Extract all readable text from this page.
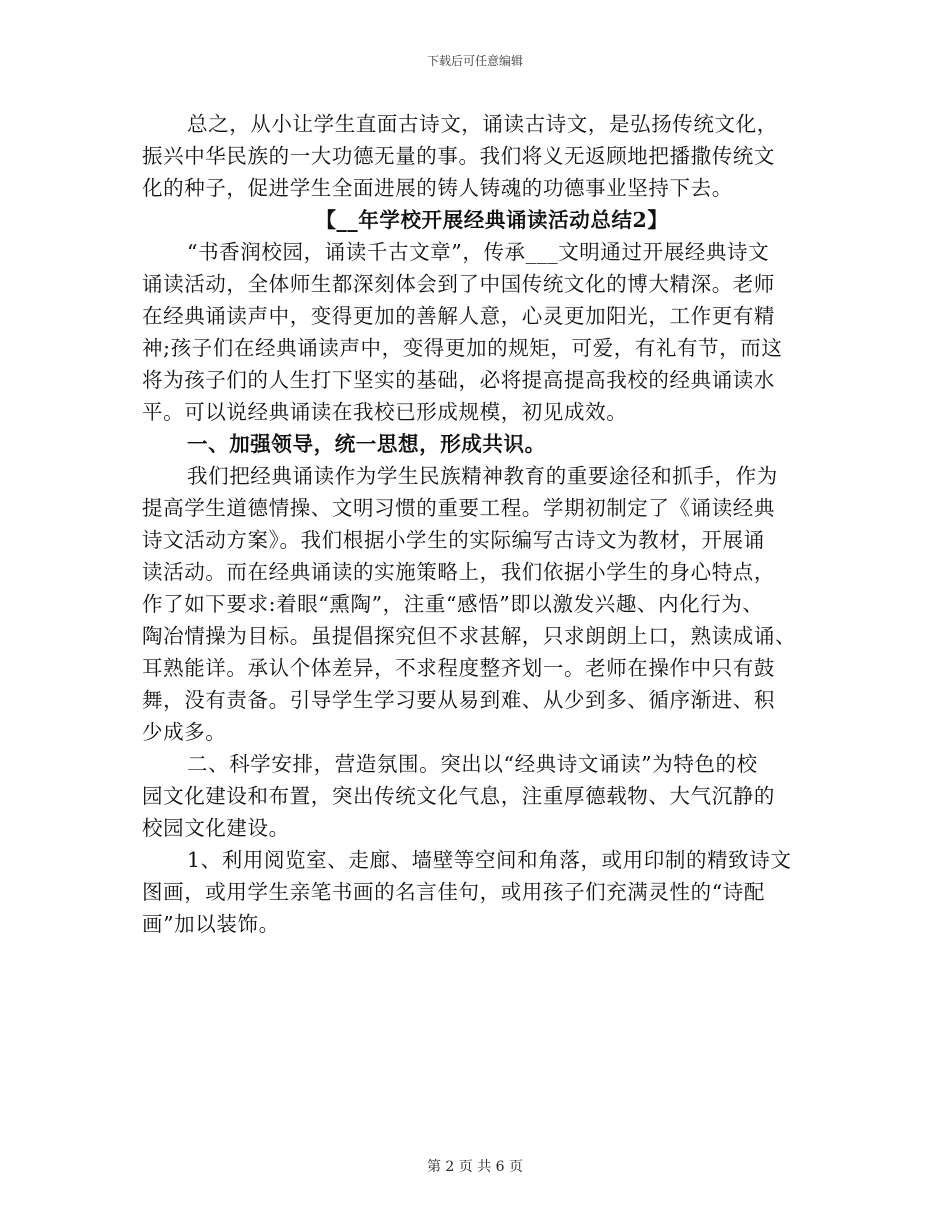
下载后可任意编辑
总之，从小让学生直面古诗文，诵读古诗文，是弘扬传统文化，
振兴中华民族的一大功德无量的事。我们将义无返顾地把播撒传统文
化的种子，促进学生全面进展的铸人铸魂的功德事业坚持下去。
【__年学校开展经典诵读活动总结2】
“书香润校园，诵读千古文章”，传承___文明通过开展经典诗文
诵读活动，全体师生都深刻体会到了中国传统文化的博大精深。老师
在经典诵读声中，变得更加的善解人意，心灵更加阳光，工作更有精
神;孩子们在经典诵读声中，变得更加的规矩，可爱，有礼有节，而这
将为孩子们的人生打下坚实的基础，必将提高提高我校的经典诵读水
平。可以说经典诵读在我校已形成规模，初见成效。
一、加强领导，统一思想，形成共识。
我们把经典诵读作为学生民族精神教育的重要途径和抓手，作为
提高学生道德情操、文明习惯的重要工程。学期初制定了《诵读经典
诗文活动方案》。我们根据小学生的实际编写古诗文为教材，开展诵
读活动。而在经典诵读的实施策略上，我们依据小学生的身心特点，
作了如下要求:着眼“熏陶”，注重“感悟”即以激发兴趣、内化行为、
陶冶情操为目标。虽提倡探究但不求甚解，只求朗朗上口，熟读成诵、
耳熟能详。承认个体差异，不求程度整齐划一。老师在操作中只有鼓
舞，没有责备。引导学生学习要从易到难、从少到多、循序渐进、积
少成多。
二、科学安排，营造氛围。突出以“经典诗文诵读”为特色的校
园文化建设和布置，突出传统文化气息，注重厚德载物、大气沉静的
校园文化建设。
1、利用阅览室、走廊、墙壁等空间和角落，或用印制的精致诗文
图画，或用学生亲笔书画的名言佳句，或用孩子们充满灵性的“诗配
画”加以装饰。
第 2 页 共 6 页
